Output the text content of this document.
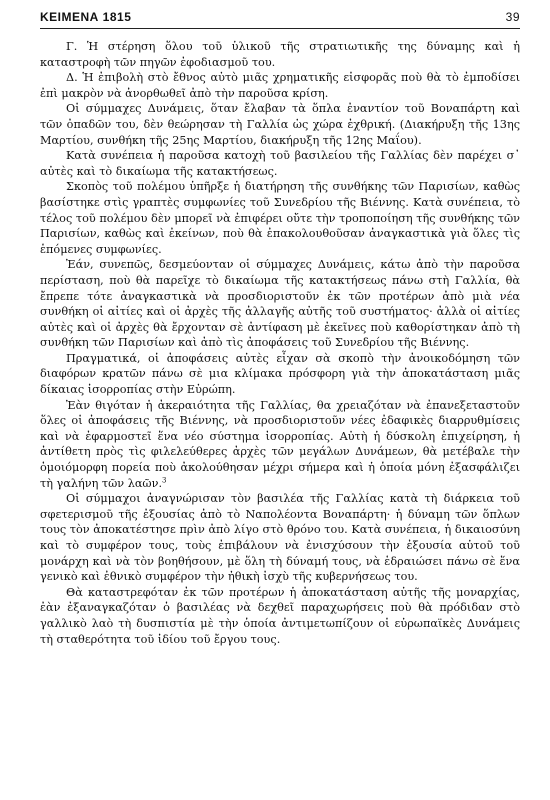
ΚΕΙΜΕΝΑ 1815	39

Γ. Ἡ στέρηση ὅλου τοῦ ὑλικοῦ τῆς στρατιωτικῆς της δύναμης καὶ ἡ καταστροφὴ τῶν πηγῶν ἐφοδιασμοῦ του.

Δ. Ἡ ἐπιβολὴ στὸ ἔθνος αὐτὸ μιᾶς χρηματικῆς εἰσφορᾶς ποὺ θὰ τὸ ἐμποδίσει ἐπὶ μακρὸν νὰ ἀνορθωθεῖ ἀπὸ τὴν παροῦσα κρίση.

Οἱ σύμμαχες Δυνάμεις, ὅταν ἔλαβαν τὰ ὅπλα ἐναντίον τοῦ Βοναπάρτη καὶ τῶν ὀπαδῶν του, δὲν θεώρησαν τὴ Γαλλία ὡς χώρα ἐχθρική. (Διακήρυξη τῆς 13ης Μαρτίου, συνθήκη τῆς 25ης Μαρτίου, διακήρυξη τῆς 12ης Μαΐου).

Κατὰ συνέπεια ἡ παροῦσα κατοχὴ τοῦ βασιλείου τῆς Γαλλίας δὲν παρέχει σ᾽ αὐτὲς καὶ τὸ δικαίωμα τῆς κατακτήσεως.

Σκοπὸς τοῦ πολέμου ὑπῆρξε ἡ διατήρηση τῆς συνθήκης τῶν Παρισίων, καθὼς βασίστηκε στὶς γραπτὲς συμφωνίες τοῦ Συνεδρίου τῆς Βιέννης. Κατὰ συνέπεια, τὸ τέλος τοῦ πολέμου δὲν μπορεῖ νὰ ἐπιφέρει οὔτε τὴν τροποποίηση τῆς συνθήκης τῶν Παρισίων, καθὼς καὶ ἐκείνων, ποὺ θὰ ἐπακολουθοῦσαν ἀναγκαστικὰ γιὰ ὅλες τὶς ἑπόμενες συμφωνίες.

Ἐάν, συνεπῶς, δεσμεύονταν οἱ σύμμαχες Δυνάμεις, κάτω ἀπὸ τὴν παροῦσα περίσταση, ποὺ θὰ παρεῖχε τὸ δικαίωμα τῆς κατακτήσεως πάνω στὴ Γαλλία, θὰ ἔπρεπε τότε ἀναγκαστικὰ νὰ προσδιοριστοῦν ἐκ τῶν προτέρων ἀπὸ μιὰ νέα συνθήκη οἱ αἰτίες καὶ οἱ ἀρχὲς τῆς ἀλλαγῆς αὐτῆς τοῦ συστήματος· ἀλλὰ οἱ αἰτίες αὐτὲς καὶ οἱ ἀρχὲς θὰ ἔρχονταν σὲ ἀντίφαση μὲ ἐκεῖνες ποὺ καθορίστηκαν ἀπὸ τὴ συνθήκη τῶν Παρισίων καὶ ἀπὸ τὶς ἀποφάσεις τοῦ Συνεδρίου τῆς Βιέννης.

Πραγματικά, οἱ ἀποφάσεις αὐτὲς εἶχαν σὰ σκοπὸ τὴν ἀνοικοδόμηση τῶν διαφόρων κρατῶν πάνω σὲ μια κλίμακα πρόσφορη γιὰ τὴν ἀποκατάσταση μιᾶς δίκαιας ἰσορροπίας στὴν Εὐρώπη.

Ἐὰν θιγόταν ἡ ἀκεραιότητα τῆς Γαλλίας, θα χρειαζόταν νὰ ἐπανεξεταστοῦν ὅλες οἱ ἀποφάσεις τῆς Βιέννης, νὰ προσδιοριστοῦν νέες ἐδαφικὲς διαρρυθμίσεις καὶ νὰ ἐφαρμοστεῖ ἕνα νέο σύστημα ἰσορροπίας. Αὐτὴ ἡ δύσκολη ἐπιχείρηση, ἡ ἀντίθετη πρὸς τὶς φιλελεύθερες ἀρχὲς τῶν μεγάλων Δυνάμεων, θὰ μετέβαλε τὴν ὁμοιόμορφη πορεία ποὺ ἀκολούθησαν μέχρι σήμερα καὶ ἡ ὁποία μόνη ἐξασφάλιζει τὴ γαλήνη τῶν λαῶν.$^3$

Οἱ σύμμαχοι ἀναγνώρισαν τὸν βασιλέα τῆς Γαλλίας κατὰ τὴ διάρκεια τοῦ σφετερισμοῦ τῆς ἐξουσίας ἀπὸ τὸ Ναπολέοντα Βοναπάρτη· ἡ δύναμη τῶν ὅπλων τους τὸν ἀποκατέστησε πρὶν ἀπὸ λίγο στὸ θρόνο του. Κατὰ συνέπεια, ἡ δικαιοσύνη καὶ τὸ συμφέρον τους, τοὺς ἐπιβάλουν νὰ ἐνισχύσουν τὴν ἐξουσία αὐτοῦ τοῦ μονάρχη καὶ νὰ τὸν βοηθήσουν, μὲ ὅλη τὴ δύναμή τους, νὰ ἑδραιώσει πάνω σὲ ἕνα γενικὸ καὶ ἐθνικὸ συμφέρον τὴν ἠθικὴ ἰσχὺ τῆς κυβερνήσεως του.

Θὰ καταστρεφόταν ἐκ τῶν προτέρων ἡ ἀποκατάσταση αὐτῆς τῆς μοναρχίας, ἐὰν ἐξαναγκαζόταν ὁ βασιλέας νὰ δεχθεῖ παραχωρήσεις ποὺ θὰ πρόδιδαν στὸ γαλλικὸ λαὸ τὴ δυσπιστία μὲ τὴν ὁποία ἀντιμετωπίζουν οἱ εὐρωπαϊκὲς Δυνάμεις τὴ σταθερότητα τοῦ ἰδίου τοῦ ἔργου τους.
